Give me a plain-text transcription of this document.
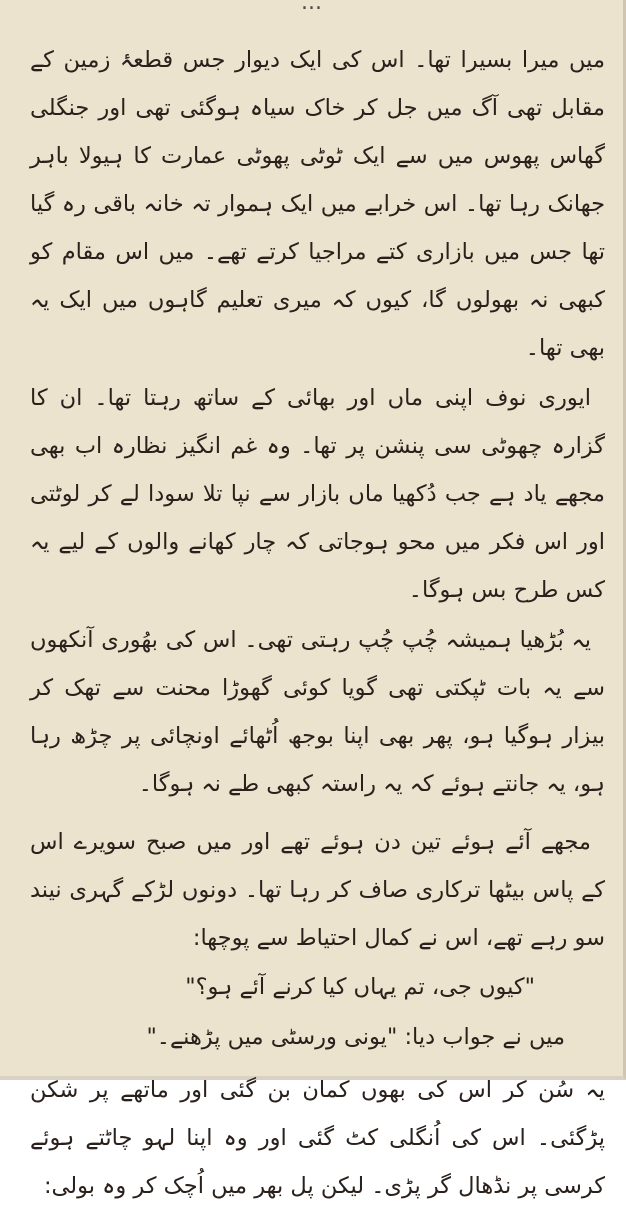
...

میں میرا بسیرا تھا۔ اس کی ایک دیوار جس قطعۂ زمین کے مقابل تھی آگ میں جل کر خاک سیاہ ہوگئی تھی اور جنگلی گھاس پھوس میں سے ایک ٹوٹی پھوٹی عمارت کا ہیولا باہر جھانک رہا تھا۔ اس خرابے میں ایک ہموار تہ خانہ باقی رہ گیا تھا جس میں بازاری کتے مراجیا کرتے تھے۔ میں اس مقام کو کبھی نہ بھولوں گا، کیوں کہ میری تعلیم گاہوں میں ایک یہ بھی تھا۔

ایوری نوف اپنی ماں اور بھائی کے ساتھ رہتا تھا۔ ان کا گزارہ چھوٹی سی پنشن پر تھا۔ وہ غم انگیز نظارہ اب بھی مجھے یاد ہے جب دُکھیا ماں بازار سے نپا تلا سودا لے کر لوٹتی اور اس فکر میں محو ہوجاتی کہ چار کھانے والوں کے لیے یہ کس طرح بس ہوگا۔

یہ بُڑھیا ہمیشہ چُپ چُپ رہتی تھی۔ اس کی بھُوری آنکھوں سے یہ بات ٹپکتی تھی گویا کوئی گھوڑا محنت سے تھک کر بیزار ہوگیا ہو، پھر بھی اپنا بوجھ اُٹھائے اونچائی پر چڑھ رہا ہو، یہ جانتے ہوئے کہ یہ راستہ کبھی طے نہ ہوگا۔

مجھے آئے ہوئے تین دن ہوئے تھے اور میں صبح سویرے اس کے پاس بیٹھا ترکاری صاف کر رہا تھا۔ دونوں لڑکے گہری نیند سو رہے تھے، اس نے کمال احتیاط سے پوچھا:

"کیوں جی، تم یہاں کیا کرنے آئے ہو؟"

میں نے جواب دیا: "یونی ورسٹی میں پڑھنے۔"

یہ سُن کر اس کی بھوں کمان بن گئی اور ماتھے پر شکن پڑگئی۔ اس کی اُنگلی کٹ گئی اور وہ اپنا لہو چاٹتے ہوئے کرسی پر نڈھال گر پڑی۔ لیکن پل بھر میں اُچک کر وہ بولی:
